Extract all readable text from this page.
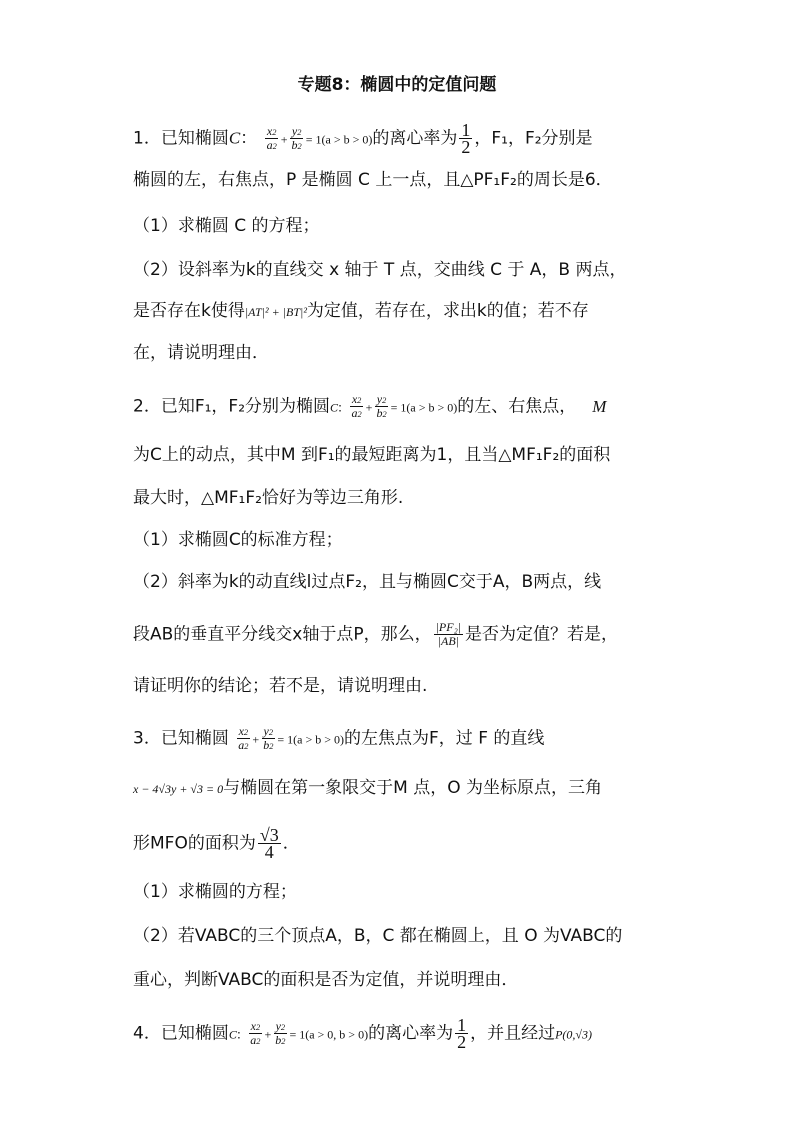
专题8：椭圆中的定值问题
1．已知椭圆C： $\frac{x^2}{a^2} + \frac{y^2}{b^2} = 1(a > b > 0)$的离心率为 $\frac{1}{2}$ ，F₁，F₂分别是
椭圆的左，右焦点，P 是椭圆 C 上一点，且△PF₁F₂的周长是6．
（1）求椭圆 C 的方程；
（2）设斜率为k的直线交 x 轴于 T 点，交曲线 C 于 A，B 两点，
是否存在k使得|AT|² + |BT|²为定值，若存在，求出k的值；若不存
在，请说明理由．
2．已知F₁，F₂分别为椭圆C: $\frac{x^2}{a^2} + \frac{y^2}{b^2} = 1(a > b > 0)$的左、右焦点， M
为C上的动点，其中M 到F₁的最短距离为1，且当△MF₁F₂的面积
最大时，△MF₁F₂恰好为等边三角形.
（1）求椭圆C的标准方程；
（2）斜率为k的动直线l过点F₂，且与椭圆C交于A，B两点，线
段AB的垂直平分线交x轴于点P，那么， $\frac{\text{|PF₂|}}{|AB|}$ 是否为定值？若是，
请证明你的结论；若不是，请说明理由.
3．已知椭圆 $\frac{x^2}{a^2} + \frac{y^2}{b^2} = 1(a > b > 0)$的左焦点为F，过 F 的直线
x − 4√3y + √3 = 0与椭圆在第一象限交于M 点，O 为坐标原点，三角
形MFO的面积为 $\frac{√3}{4}$ ．
（1）求椭圆的方程；
（2）若VABC的三个顶点A，B，C 都在椭圆上，且 O 为VABC的
重心，判断VABC的面积是否为定值，并说明理由．
4．已知椭圆C: $\frac{x^2}{a^2} + \frac{y^2}{b^2} = 1(a > 0$, b > 0)的离心率为 $\frac{1}{2}$ ，并且经过P(0,√3)
